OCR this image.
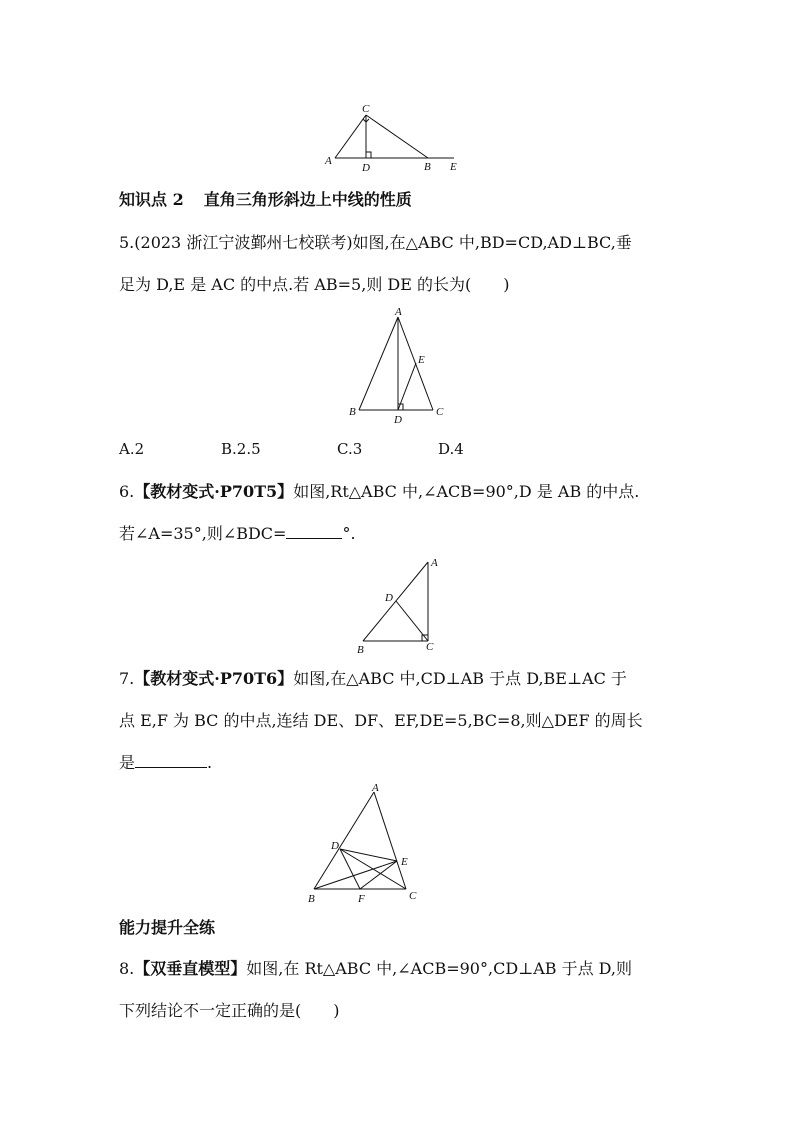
C
A
D	B E
知识点 2 直角三角形斜边上中线的性质
5.(2023 浙江宁波鄞州七校联考)如图,在△ABC 中,BD=CD,AD⊥BC,垂
足为 D,E 是 AC 的中点.若 AB=5,则 DE 的长为(　　)
A
E
B
D
C
A.2	B.2.5	C.3	D.4
6.【教材变式·P70T5】如图,Rt△ABC 中,∠ACB=90°,D 是 AB 的中点.
若∠A=35°,则∠BDC=	°.
A
D
B	C
7.【教材变式·P70T6】如图,在△ABC 中,CD⊥AB 于点 D,BE⊥AC 于
点 E,F 为 BC 的中点,连结 DE、DF、EF,DE=5,BC=8,则△DEF 的周长
是	.
A
D
E
B	F	C
能力提升全练
8.【双垂直模型】如图,在 Rt△ABC 中,∠ACB=90°,CD⊥AB 于点 D,则
下列结论不一定正确的是(　　)
